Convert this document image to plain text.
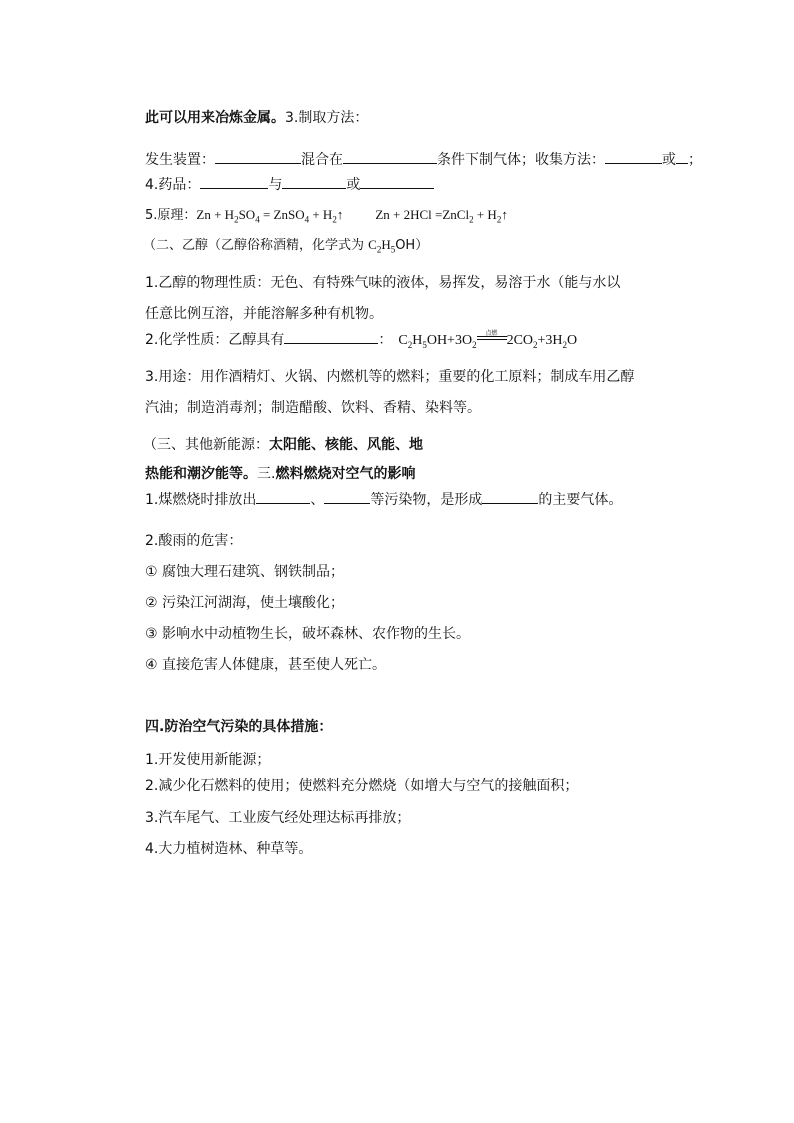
此可以用来冶炼金属。3.制取方法：
发生装置：	混合在	条件下制气体；收集方法：	或 ；
4.药品：	与	或
5.原理：$Zn + H_2SO_4$ = ZnSO$_4$ + $H_2↑$ Zn + 2HCl =ZnCl$_2$ + $H_2↑$
（二、乙醇（乙醇俗称酒精，化学式为 $C_2H_5OH$）
1.乙醇的物理性质：无色、有特殊气味的液体，易挥发，易溶于水（能与水以
任意比例互溶，并能溶解多种有机物。
2.化学性质：乙醇具有	： $C_2H_5OH+3O_2$
点燃 $2CO_2+3H_2O$
3.用途：用作酒精灯、火锅、内燃机等的燃料；重要的化工原料；制成车用乙醇
汽油；制造消毒剂；制造醋酸、饮料、香精、染料等。
（三、其他新能源：太阳能、核能、风能、地
热能和潮汐能等。三.燃料燃烧对空气的影响
1.煤燃烧时排放出	、	等污染物，是形成	的主要气体。
2.酸雨的危害：
① 腐蚀大理石建筑、钢铁制品；
② 污染江河湖海，使土壤酸化；
③ 影响水中动植物生长，破坏森林、农作物的生长。
④ 直接危害人体健康，甚至使人死亡。
四.防治空气污染的具体措施：
1.开发使用新能源；
2.减少化石燃料的使用；使燃料充分燃烧（如增大与空气的接触面积；
3.汽车尾气、工业废气经处理达标再排放；
4.大力植树造林、种草等。
